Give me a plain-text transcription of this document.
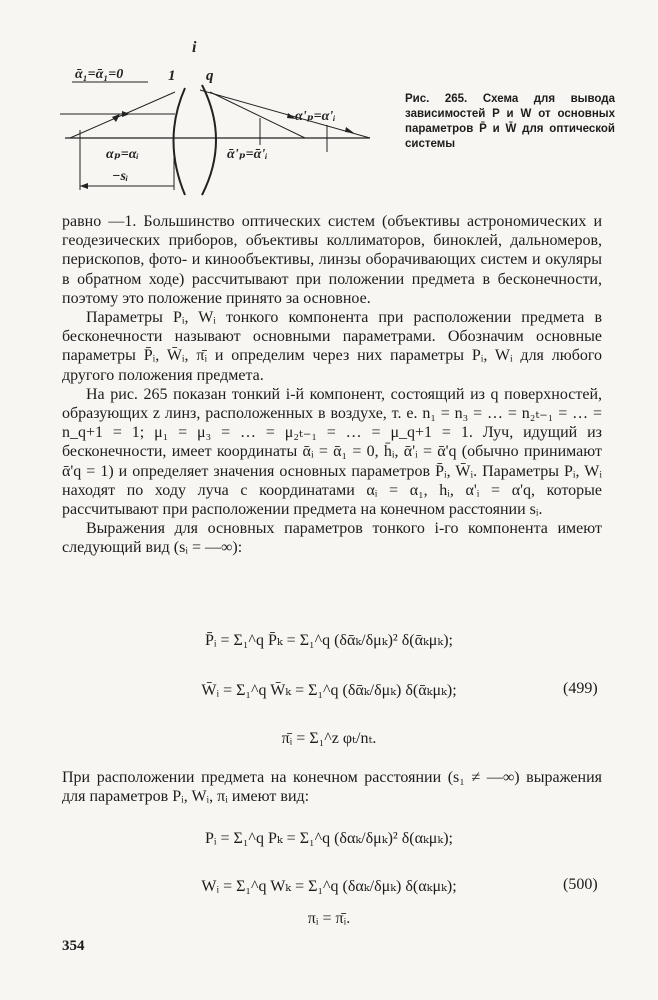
i
1 q
ᾱ₁=ᾱ₁=0
αₚ=αᵢ	ᾱ'ₚ=ᾱ'ᵢ
α'ₚ=α'ᵢ
−sᵢ
Рис. 265. Схема для вывода зависимостей P и W от основных параметров P̄ и W̄ для оптической системы

равно —1. Большинство оптических систем (объективы астрономических и геодезических приборов, объективы коллиматоров, биноклей, дальномеров, перископов, фото- и кинообъективы, линзы оборачивающих систем и окуляры в обратном ходе) рассчитывают при положении предмета в бесконечности, поэтому это положение принято за основное.

Параметры Pᵢ, Wᵢ тонкого компонента при расположении предмета в бесконечности называют основными параметрами. Обозначим основные параметры P̄ᵢ, W̄ᵢ, π̄ᵢ и определим через них параметры Pᵢ, Wᵢ для любого другого положения предмета.

На рис. 265 показан тонкий i-й компонент, состоящий из q поверхностей, образующих z линз, расположенных в воздухе, т. е. n₁ = n₃ = … = n₂ₜ₋₁ = … = n_q+1 = 1; μ₁ = μ₃ = … = μ₂ₜ₋₁ = … = μ_q+1 = 1. Луч, идущий из бесконечности, имеет координаты ᾱᵢ = ᾱ₁ = 0, h̄ᵢ, ᾱ'ᵢ = ᾱ'q (обычно принимают ᾱ'q = 1) и определяет значения основных параметров P̄ᵢ, W̄ᵢ. Параметры Pᵢ, Wᵢ находят по ходу луча с координатами αᵢ = α₁, hᵢ, α'ᵢ = α'q, которые рассчитывают при расположении предмета на конечном расстоянии sᵢ.

Выражения для основных параметров тонкого i-го компонента имеют следующий вид (sᵢ = —∞):

P̄ᵢ = Σ₁^q P̄ₖ = Σ₁^q (δᾱₖ/δμₖ)² δ(ᾱₖμₖ);
W̄ᵢ = Σ₁^q W̄ₖ = Σ₁^q (δᾱₖ/δμₖ) δ(ᾱₖμₖ);
π̄ᵢ = Σ₁^z φₜ/nₜ.
(499)

При расположении предмета на конечном расстоянии (s₁ ≠ —∞) выражения для параметров Pᵢ, Wᵢ, πᵢ имеют вид:

Pᵢ = Σ₁^q Pₖ = Σ₁^q (δαₖ/δμₖ)² δ(αₖμₖ);
Wᵢ = Σ₁^q Wₖ = Σ₁^q (δαₖ/δμₖ) δ(αₖμₖ);
πᵢ = π̄ᵢ.
(500)
354
